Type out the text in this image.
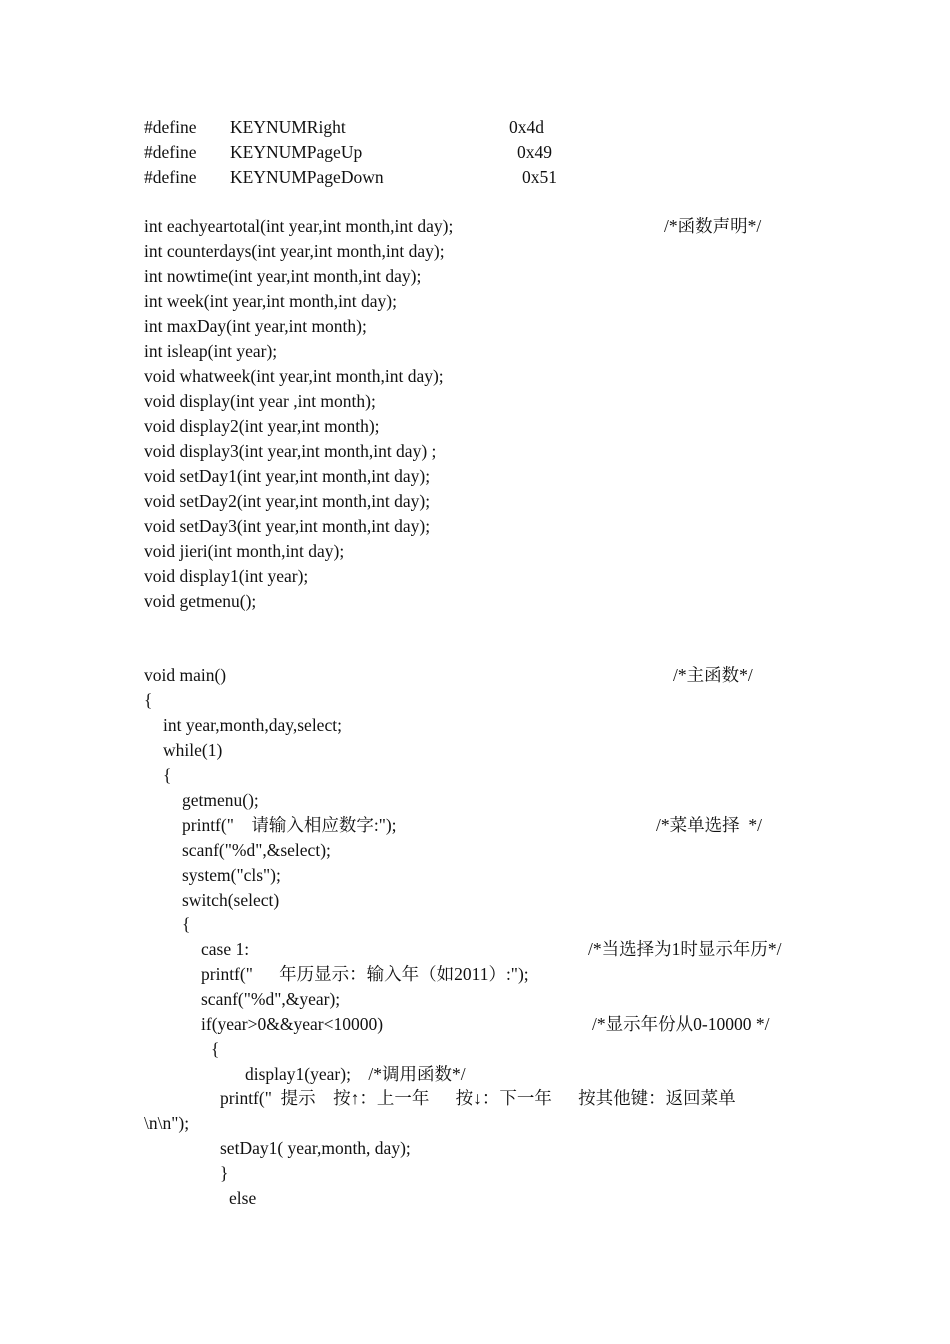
#define KEYNUMRight	0x4d
#define KEYNUMPageUp	0x49
#define KEYNUMPageDown	0x51
int eachyeartotal(int year,int month,int day);	/*函数声明*/
int counterdays(int year,int month,int day);
int nowtime(int year,int month,int day);
int week(int year,int month,int day);
int maxDay(int year,int month);
int isleap(int year);
void whatweek(int year,int month,int day);
void display(int year ,int month);
void display2(int year,int month);
void display3(int year,int month,int day) ;
void setDay1(int year,int month,int day);
void setDay2(int year,int month,int day);
void setDay3(int year,int month,int day);
void jieri(int month,int day);
void display1(int year);
void getmenu();
void main()	/*主函数*/
{
int year,month,day,select;
while(1)
{
getmenu();
printf("    请输入相应数字:");	/*菜单选择  */
scanf("%d",&select);
system("cls");
switch(select)
{
case 1:	/*当选择为1时显示年历*/
printf("      年历显示：输入年（如2011）:");
scanf("%d",&year);
if(year>0&&year<10000)	/*显示年份从0-10000 */
{
display1(year);    /*调用函数*/
printf("  提示    按↑：上一年      按↓：下一年      按其他键：返回菜单
\n\n");
setDay1( year,month, day);
}
else
